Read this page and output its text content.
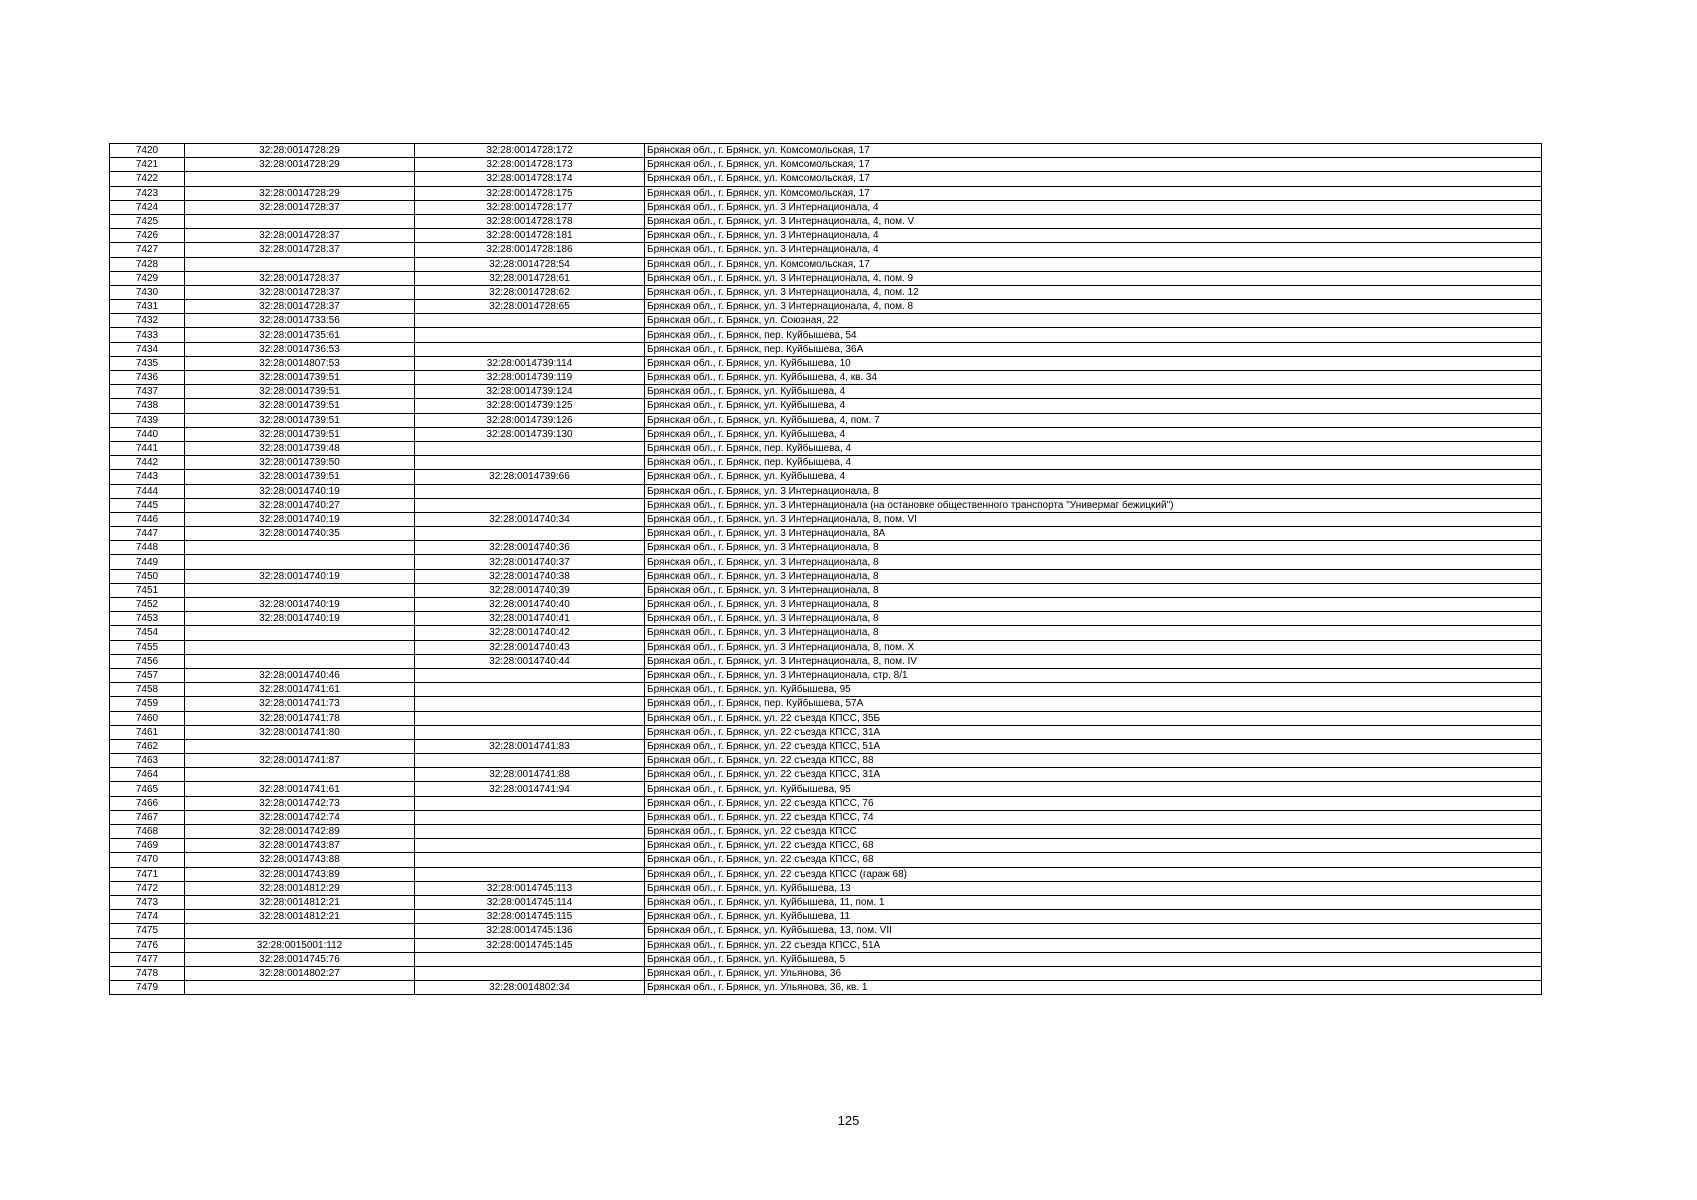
7420	32:28:0014728:29	32:28:0014728:172	Брянская обл., г. Брянск, ул. Комсомольская, 17
7421	32:28:0014728:29	32:28:0014728:173	Брянская обл., г. Брянск, ул. Комсомольская, 17
7422		32:28:0014728:174	Брянская обл., г. Брянск, ул. Комсомольская, 17
7423	32:28:0014728:29	32:28:0014728:175	Брянская обл., г. Брянск, ул. Комсомольская, 17
7424	32:28:0014728:37	32:28:0014728:177	Брянская обл., г. Брянск, ул. 3 Интернационала, 4
7425		32:28:0014728:178	Брянская обл., г. Брянск, ул. 3 Интернационала, 4, пом. V
7426	32:28:0014728:37	32:28:0014728:181	Брянская обл., г. Брянск, ул. 3 Интернационала, 4
7427	32:28:0014728:37	32:28:0014728:186	Брянская обл., г. Брянск, ул. 3 Интернационала, 4
7428		32:28:0014728:54	Брянская обл., г. Брянск, ул. Комсомольская, 17
7429	32:28:0014728:37	32:28:0014728:61	Брянская обл., г. Брянск, ул. 3 Интернационала, 4, пом. 9
7430	32:28:0014728:37	32:28:0014728:62	Брянская обл., г. Брянск, ул. 3 Интернационала, 4, пом. 12
7431	32:28:0014728:37	32:28:0014728:65	Брянская обл., г. Брянск, ул. 3 Интернационала, 4, пом. 8
7432	32:28:0014733:56		Брянская обл., г. Брянск, ул. Союзная, 22
7433	32:28:0014735:61		Брянская обл., г. Брянск, пер. Куйбышева, 54
7434	32:28:0014736:53		Брянская обл., г. Брянск, пер. Куйбышева, 36А
7435	32:28:0014807:53	32:28:0014739:114	Брянская обл., г. Брянск, ул. Куйбышева, 10
7436	32:28:0014739:51	32:28:0014739:119	Брянская обл., г. Брянск, ул. Куйбышева, 4, кв. 34
7437	32:28:0014739:51	32:28:0014739:124	Брянская обл., г. Брянск, ул. Куйбышева, 4
7438	32:28:0014739:51	32:28:0014739:125	Брянская обл., г. Брянск, ул. Куйбышева, 4
7439	32:28:0014739:51	32:28:0014739:126	Брянская обл., г. Брянск, ул. Куйбышева, 4, пом. 7
7440	32:28:0014739:51	32:28:0014739:130	Брянская обл., г. Брянск, ул. Куйбышева, 4
7441	32:28:0014739:48		Брянская обл., г. Брянск, пер. Куйбышева, 4
7442	32:28:0014739:50		Брянская обл., г. Брянск, пер. Куйбышева, 4
7443	32:28:0014739:51	32:28:0014739:66	Брянская обл., г. Брянск, ул. Куйбышева, 4
7444	32:28:0014740:19		Брянская обл., г. Брянск, ул. 3 Интернационала, 8
7445	32:28:0014740:27		Брянская обл., г. Брянск, ул. 3 Интернационала (на остановке общественного транспорта "Универмаг бежицкий")
7446	32:28:0014740:19	32:28:0014740:34	Брянская обл., г. Брянск, ул. 3 Интернационала, 8, пом. VI
7447	32:28:0014740:35		Брянская обл., г. Брянск, ул. 3 Интернационала, 8А
7448		32:28:0014740:36	Брянская обл., г. Брянск, ул. 3 Интернационала, 8
7449		32:28:0014740:37	Брянская обл., г. Брянск, ул. 3 Интернационала, 8
7450	32:28:0014740:19	32:28:0014740:38	Брянская обл., г. Брянск, ул. 3 Интернационала, 8
7451		32:28:0014740:39	Брянская обл., г. Брянск, ул. 3 Интернационала, 8
7452	32:28:0014740:19	32:28:0014740:40	Брянская обл., г. Брянск, ул. 3 Интернационала, 8
7453	32:28:0014740:19	32:28:0014740:41	Брянская обл., г. Брянск, ул. 3 Интернационала, 8
7454		32:28:0014740:42	Брянская обл., г. Брянск, ул. 3 Интернационала, 8
7455		32:28:0014740:43	Брянская обл., г. Брянск, ул. 3 Интернационала, 8, пом. X
7456		32:28:0014740:44	Брянская обл., г. Брянск, ул. 3 Интернационала, 8, пом. IV
7457	32:28:0014740:46		Брянская обл., г. Брянск, ул. 3 Интернационала, стр. 8/1
7458	32:28:0014741:61		Брянская обл., г. Брянск, ул. Куйбышева, 95
7459	32:28:0014741:73		Брянская обл., г. Брянск, пер. Куйбышева, 57А
7460	32:28:0014741:78		Брянская обл., г. Брянск, ул. 22 съезда КПСС, 35Б
7461	32:28:0014741:80		Брянская обл., г. Брянск, ул. 22 съезда КПСС, 31А
7462		32:28:0014741:83	Брянская обл., г. Брянск, ул. 22 съезда КПСС, 51А
7463	32:28:0014741:87		Брянская обл., г. Брянск, ул. 22 съезда КПСС, 88
7464		32:28:0014741:88	Брянская обл., г. Брянск, ул. 22 съезда КПСС, 31А
7465	32:28:0014741:61	32:28:0014741:94	Брянская обл., г. Брянск, ул. Куйбышева, 95
7466	32:28:0014742:73		Брянская обл., г. Брянск, ул. 22 съезда КПСС, 76
7467	32:28:0014742:74		Брянская обл., г. Брянск, ул. 22 съезда КПСС, 74
7468	32:28:0014742:89		Брянская обл., г. Брянск, ул. 22 съезда КПСС
7469	32:28:0014743:87		Брянская обл., г. Брянск, ул. 22 съезда КПСС, 68
7470	32:28:0014743:88		Брянская обл., г. Брянск, ул. 22 съезда КПСС, 68
7471	32:28:0014743:89		Брянская обл., г. Брянск, ул. 22 съезда КПСС (гараж 68)
7472	32:28:0014812:29	32:28:0014745:113	Брянская обл., г. Брянск, ул. Куйбышева, 13
7473	32:28:0014812:21	32:28:0014745:114	Брянская обл., г. Брянск, ул. Куйбышева, 11, пом. 1
7474	32:28:0014812:21	32:28:0014745:115	Брянская обл., г. Брянск, ул. Куйбышева, 11
7475		32:28:0014745:136	Брянская обл., г. Брянск, ул. Куйбышева, 13, пом. VII
7476	32:28:0015001:112	32:28:0014745:145	Брянская обл., г. Брянск, ул. 22 съезда КПСС, 51А
7477	32:28:0014745:76		Брянская обл., г. Брянск, ул. Куйбышева, 5
7478	32:28:0014802:27		Брянская обл., г. Брянск, ул. Ульянова, 36
7479		32:28:0014802:34	Брянская обл., г. Брянск, ул. Ульянова, 36, кв. 1
125
